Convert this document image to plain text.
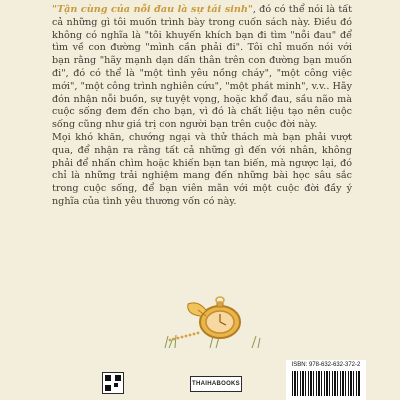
"Tận cùng của nỗi đau là sự tái sinh", đó có thể nói là tất cả những gì tôi muốn trình bày trong cuốn sách này. Điều đó không có nghĩa là "tôi khuyến khích bạn đi tìm "nỗi đau" để tìm về con đường "mình cần phải đi". Tôi chỉ muốn nói với bạn rằng "hãy mạnh dạn dấn thân trên con đường bạn muốn đi", đó có thể là "một tình yêu nồng cháy", "một công việc mới", "một công trình nghiên cứu", "một phát minh", v.v.. Hãy đón nhận nỗi buồn, sự tuyệt vọng, hoặc khổ đau, sầu não mà cuộc sống đem đến cho bạn, vì đó là chất liệu tạo nên cuộc sống cũng như giá trị con người bạn trên cuộc đời này.

Mọi khó khăn, chướng ngại và thử thách mà bạn phải vượt qua, để nhận ra rằng tất cả những gì đến với nhân, không phải để nhấn chìm hoặc khiến bạn tan biến, mà ngược lại, đó chỉ là những trải nghiệm mang đến những bài học sâu sắc trong cuộc sống, để bạn viên mãn với một cuộc đời đầy ý nghĩa của tình yêu thương vốn có này.

THAIHABOOKS
ISBN: 978-632-632-372-2
